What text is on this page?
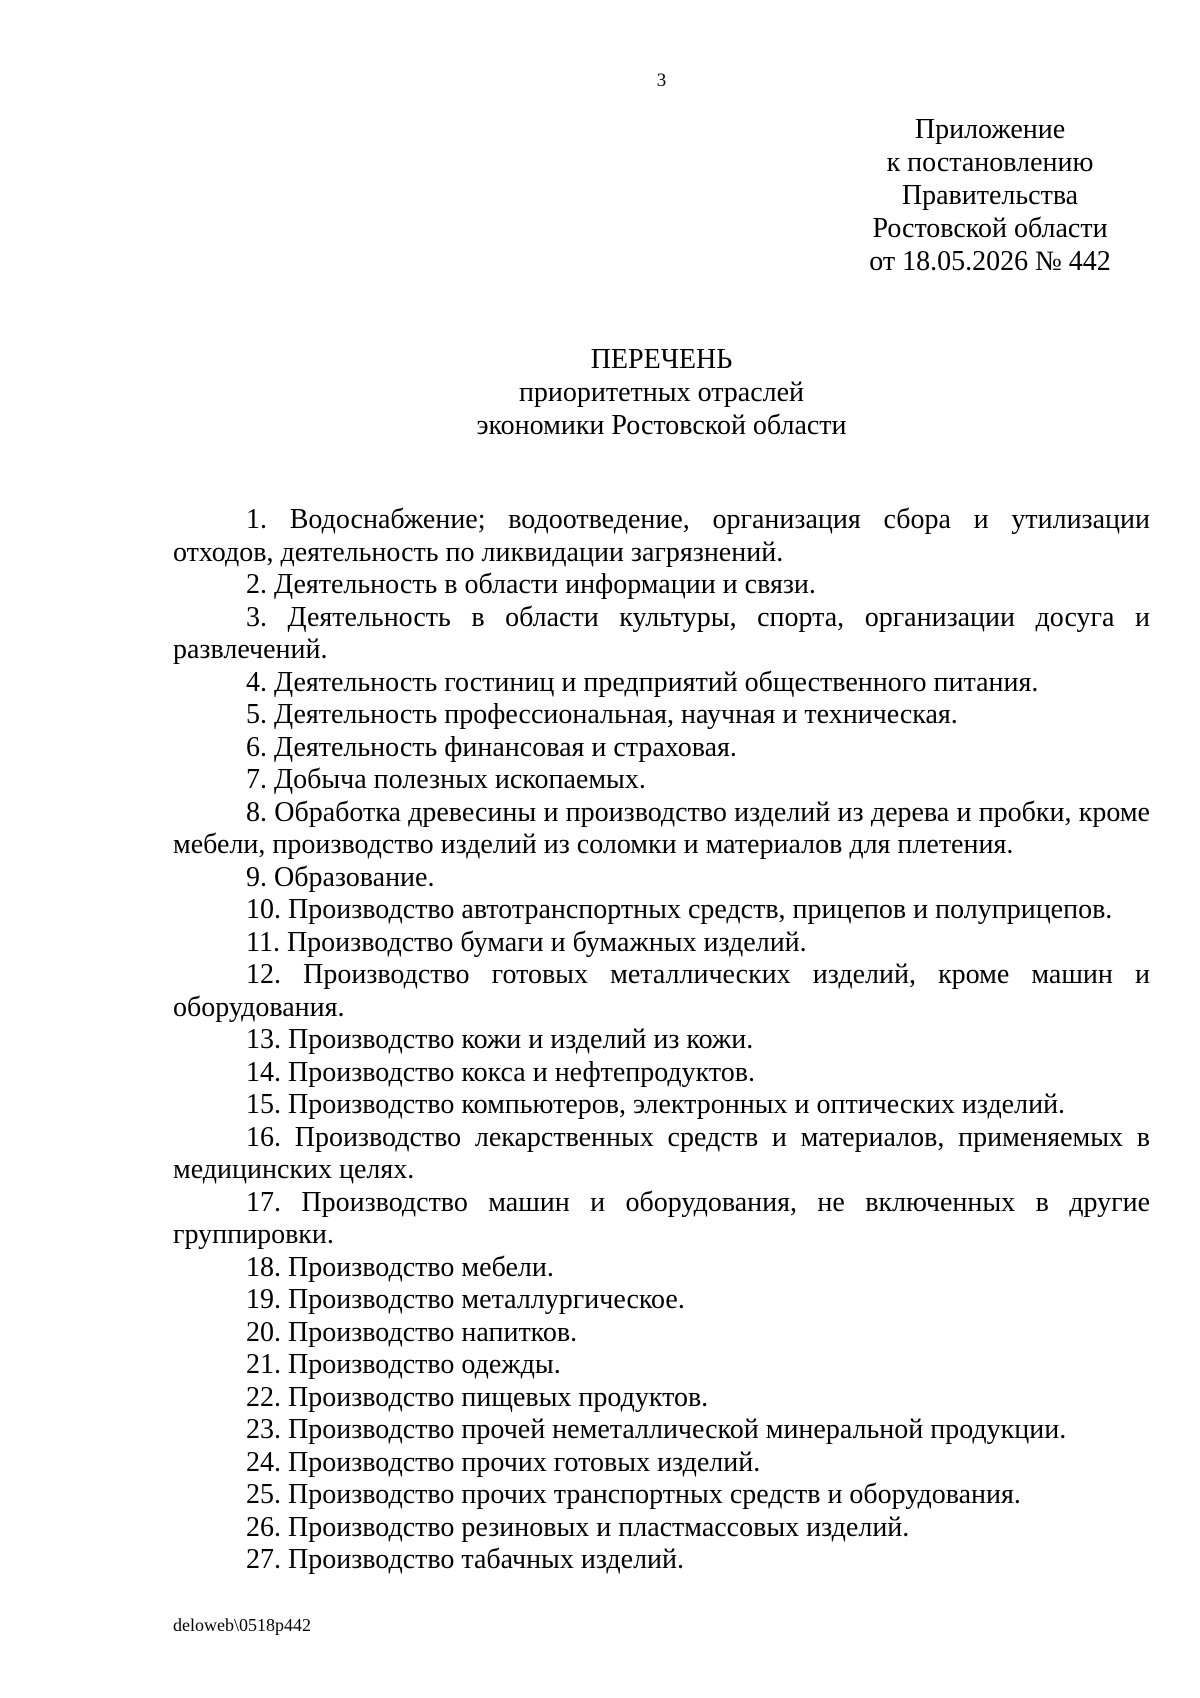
3
Приложение
к постановлению
Правительства
Ростовской области
от 18.05.2026 № 442
ПЕРЕЧЕНЬ
приоритетных отраслей
экономики Ростовской области

1. Водоснабжение; водоотведение, организация сбора и утилизации отходов, деятельность по ликвидации загрязнений.

2. Деятельность в области информации и связи.

3. Деятельность в области культуры, спорта, организации досуга и развлечений.

4. Деятельность гостиниц и предприятий общественного питания.

5. Деятельность профессиональная, научная и техническая.

6. Деятельность финансовая и страховая.

7. Добыча полезных ископаемых.

8. Обработка древесины и производство изделий из дерева и пробки, кроме мебели, производство изделий из соломки и материалов для плетения.

9. Образование.

10. Производство автотранспортных средств, прицепов и полуприцепов.

11. Производство бумаги и бумажных изделий.

12. Производство готовых металлических изделий, кроме машин и оборудования.

13. Производство кожи и изделий из кожи.

14. Производство кокса и нефтепродуктов.

15. Производство компьютеров, электронных и оптических изделий.

16. Производство лекарственных средств и материалов, применяемых в медицинских целях.

17. Производство машин и оборудования, не включенных в другие группировки.

18. Производство мебели.

19. Производство металлургическое.

20. Производство напитков.

21. Производство одежды.

22. Производство пищевых продуктов.

23. Производство прочей неметаллической минеральной продукции.

24. Производство прочих готовых изделий.

25. Производство прочих транспортных средств и оборудования.

26. Производство резиновых и пластмассовых изделий.

27. Производство табачных изделий.

deloweb\0518p442
